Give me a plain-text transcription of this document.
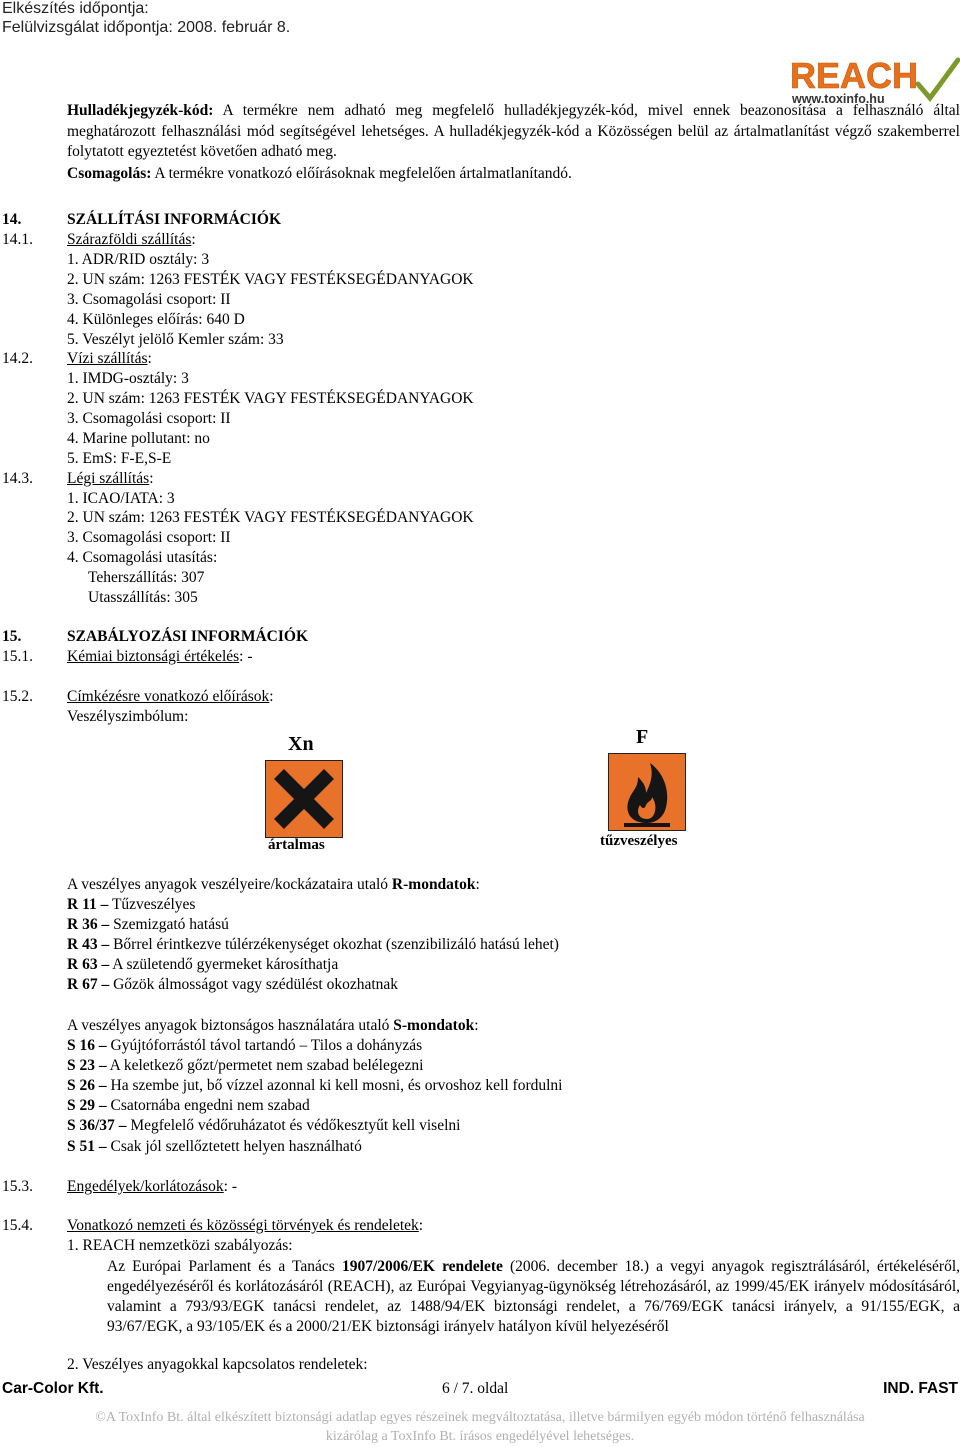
Elkészítés időpontja:
Felülvizsgálat időpontja: 2008. február 8.
REACH
www.toxinfo.hu
Hulladékjegyzék-kód: A termékre nem adható meg megfelelő hulladékjegyzék-kód, mivel ennek beazonosítása a felhasználó által meghatározott felhasználási mód segítségével lehetséges. A hulladékjegyzék-kód a Közösségen belül az ártalmatlanítást végző szakemberrel folytatott egyeztetést követően adható meg.
Csomagolás: A termékre vonatkozó előírásoknak megfelelően ártalmatlanítandó.
14.	SZÁLLÍTÁSI INFORMÁCIÓK
14.1. Szárazföldi szállítás:
1. ADR/RID osztály: 3
2. UN szám: 1263 FESTÉK VAGY FESTÉKSEGÉDANYAGOK
3. Csomagolási csoport: II
4. Különleges előírás: 640 D
5. Veszélyt jelölő Kemler szám: 33
14.2. Vízi szállítás:
1. IMDG-osztály: 3
2. UN szám: 1263 FESTÉK VAGY FESTÉKSEGÉDANYAGOK
3. Csomagolási csoport: II
4. Marine pollutant: no
5. EmS: F-E,S-E
14.3. Légi szállítás:
1. ICAO/IATA: 3
2. UN szám: 1263 FESTÉK VAGY FESTÉKSEGÉDANYAGOK
3. Csomagolási csoport: II
4. Csomagolási utasítás:
Teherszállítás: 307
Utasszállítás: 305
15.	SZABÁLYOZÁSI INFORMÁCIÓK
15.1. Kémiai biztonsági értékelés: -
15.2. Címkézésre vonatkozó előírások:
Veszélyszimbólum:
Xn
ártalmas
F
tűzveszélyes
A veszélyes anyagok veszélyeire/kockázataira utaló R-mondatok:
R 11 – Tűzveszélyes
R 36 – Szemizgató hatású
R 43 – Bőrrel érintkezve túlérzékenységet okozhat (szenzibilizáló hatású lehet)
R 63 – A születendő gyermeket károsíthatja
R 67 – Gőzök álmosságot vagy szédülést okozhatnak
A veszélyes anyagok biztonságos használatára utaló S-mondatok:
S 16 – Gyújtóforrástól távol tartandó – Tilos a dohányzás
S 23 – A keletkező gőzt/permetet nem szabad belélegezni
S 26 – Ha szembe jut, bő vízzel azonnal ki kell mosni, és orvoshoz kell fordulni
S 29 – Csatornába engedni nem szabad
S 36/37 – Megfelelő védőruházatot és védőkesztyűt kell viselni
S 51 – Csak jól szellőztetett helyen használható
15.3. Engedélyek/korlátozások: -
15.4. Vonatkozó nemzeti és közösségi törvények és rendeletek:
1. REACH nemzetközi szabályozás:
Az Európai Parlament és a Tanács 1907/2006/EK rendelete (2006. december 18.) a vegyi anyagok regisztrálásáról, értékeléséről, engedélyezéséről és korlátozásáról (REACH), az Európai Vegyianyag-ügynökség létrehozásáról, az 1999/45/EK irányelv módosításáról, valamint a 793/93/EGK tanácsi rendelet, az 1488/94/EK biztonsági rendelet, a 76/769/EGK tanácsi irányelv, a 91/155/EGK, a 93/67/EGK, a 93/105/EK és a 2000/21/EK biztonsági irányelv hatályon kívül helyezéséről
2. Veszélyes anyagokkal kapcsolatos rendeletek:
Car-Color Kft.	6 / 7. oldal	IND. FAST
©A ToxInfo Bt. által elkészített biztonsági adatlap egyes részeinek megváltoztatása, illetve bármilyen egyéb módon történő felhasználása
kizárólag a ToxInfo Bt. írásos engedélyével lehetséges.
